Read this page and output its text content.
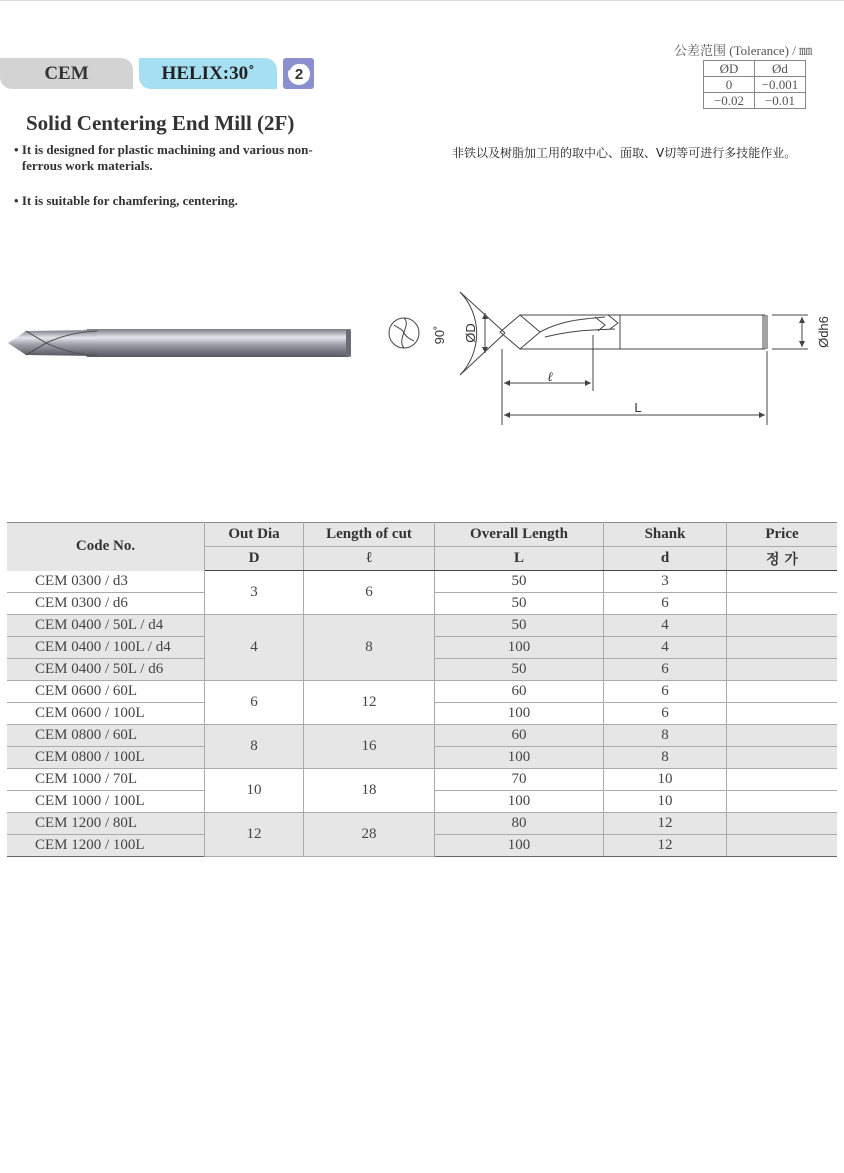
CEM	HELIX:30˚	2
Solid Centering End Mill (2F)
• It is designed for plastic machining and various non-ferrous work materials.
• It is suitable for chamfering, centering.
非铁以及树脂加工用的取中心、面取、V切等可进行多技能作业。
公差范围 (Tolerance) / ㎜
ØD	Ød
0	−0.001
−0.02	−0.01
90˚ ØD	Ødh6
ℓ
L
Code No.	Out Dia	Length of cut	Overall Length	Shank	Price
	D	ℓ	L	d	정 가
CEM 0300 / d3	3	6	50	3	
CEM 0300 / d6			50	6	
CEM 0400 / 50L / d4	4	8	50	4	
CEM 0400 / 100L / d4			100	4	
CEM 0400 / 50L / d6			50	6	
CEM 0600 / 60L	6	12	60	6	
CEM 0600 / 100L			100	6	
CEM 0800 / 60L	8	16	60	8	
CEM 0800 / 100L			100	8	
CEM 1000 / 70L	10	18	70	10	
CEM 1000 / 100L			100	10	
CEM 1200 / 80L	12	28	80	12	
CEM 1200 / 100L			100	12	
